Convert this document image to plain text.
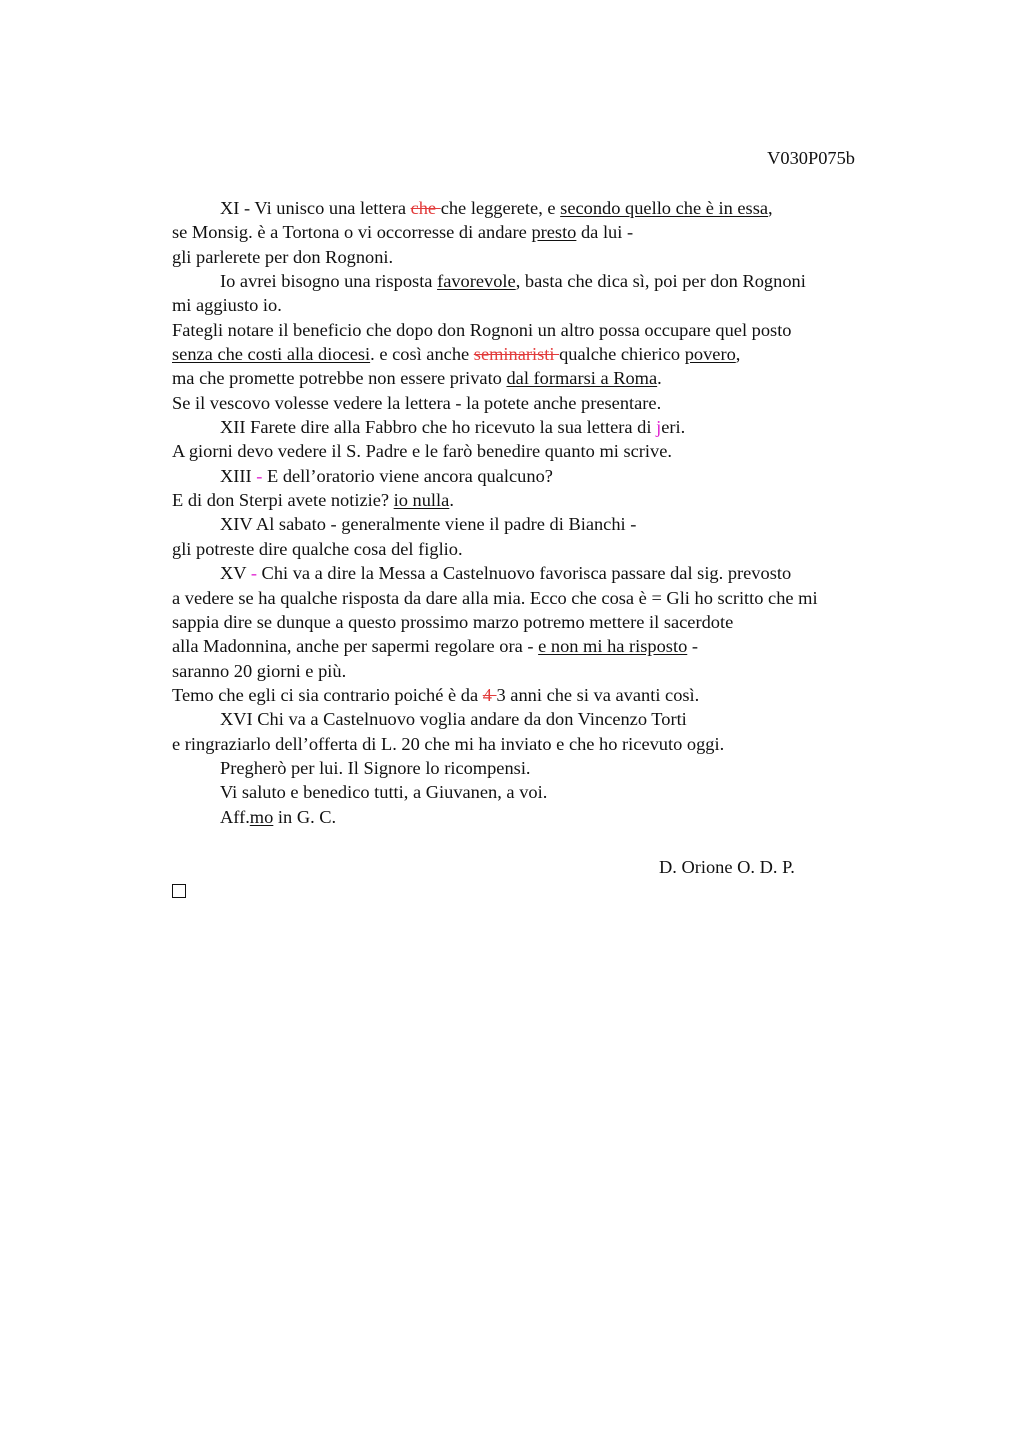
V030P075b
XI - Vi unisco una lettera che che leggerete, e secondo quello che è in essa,
se Monsig. è a Tortona o vi occorresse di andare presto da lui -
gli parlerete per don Rognoni.
Io avrei bisogno una risposta favorevole, basta che dica sì, poi per don Rognoni
mi aggiusto io.
Fategli notare il beneficio che dopo don Rognoni un altro possa occupare quel posto
senza che costi alla diocesi. e così anche seminaristi qualche chierico povero,
ma che promette potrebbe non essere privato dal formarsi a Roma.
Se il vescovo volesse vedere la lettera - la potete anche presentare.
XII Farete dire alla Fabbro che ho ricevuto la sua lettera di jeri.
A giorni devo vedere il S. Padre e le farò benedire quanto mi scrive.
XIII - E dell’oratorio viene ancora qualcuno?
E di don Sterpi avete notizie? io nulla.
XIV Al sabato - generalmente viene il padre di Bianchi -
gli potreste dire qualche cosa del figlio.
XV - Chi va a dire la Messa a Castelnuovo favorisca passare dal sig. prevosto
a vedere se ha qualche risposta da dare alla mia. Ecco che cosa è = Gli ho scritto che mi
sappia dire se dunque a questo prossimo marzo potremo mettere il sacerdote
alla Madonnina, anche per sapermi regolare ora - e non mi ha risposto -
saranno 20 giorni e più.
Temo che egli ci sia contrario poiché è da 4 3 anni che si va avanti così.
XVI Chi va a Castelnuovo voglia andare da don Vincenzo Torti
e ringraziarlo dell’offerta di L. 20 che mi ha inviato e che ho ricevuto oggi.
Pregherò per lui. Il Signore lo ricompensi.
Vi saluto e benedico tutti, a Giuvanen, a voi.
Aff.mo in G. C.
D. Orione O. D. P.
